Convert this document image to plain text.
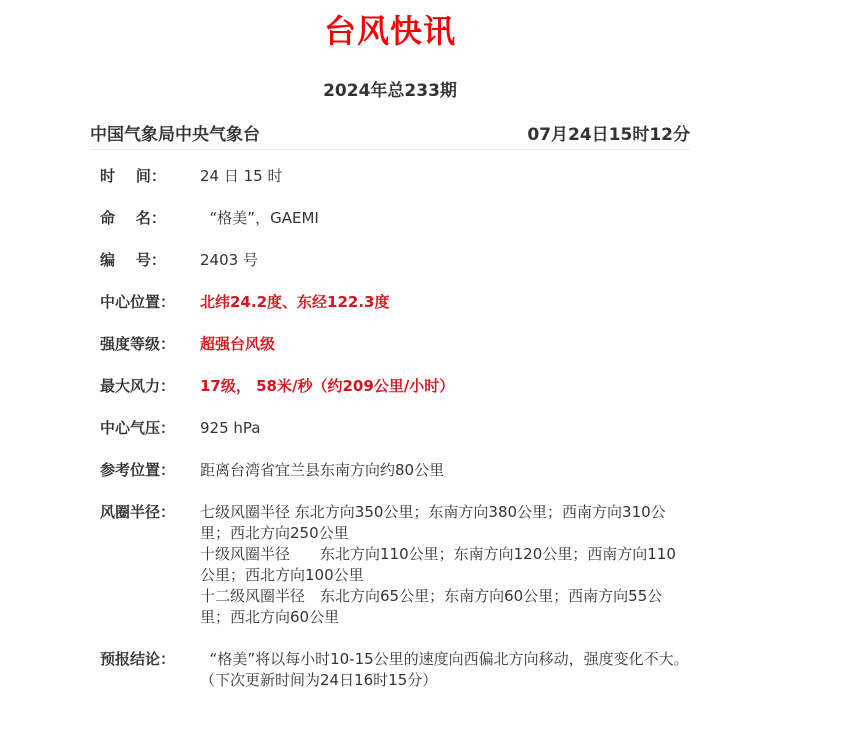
台风快讯
2024年总233期
中国气象局中央气象台	07月24日15时12分
时    间：	24 日 15 时
命    名：	“格美”，GAEMI
编    号：	2403 号
中心位置：	北纬24.2度、东经122.3度
强度等级：	超强台风级
最大风力：	17级， 58米/秒（约209公里/小时）
中心气压：	925 hPa
参考位置：	距离台湾省宜兰县东南方向约80公里
风圈半径：	七级风圈半径 东北方向350公里；东南方向380公里；西南方向310公里；西北方向250公里
十级风圈半径　　东北方向110公里；东南方向120公里；西南方向110公里；西北方向100公里
十二级风圈半径　东北方向65公里；东南方向60公里；西南方向55公里；西北方向60公里
预报结论：	“格美”将以每小时10-15公里的速度向西偏北方向移动，强度变化不大。
（下次更新时间为24日16时15分）
